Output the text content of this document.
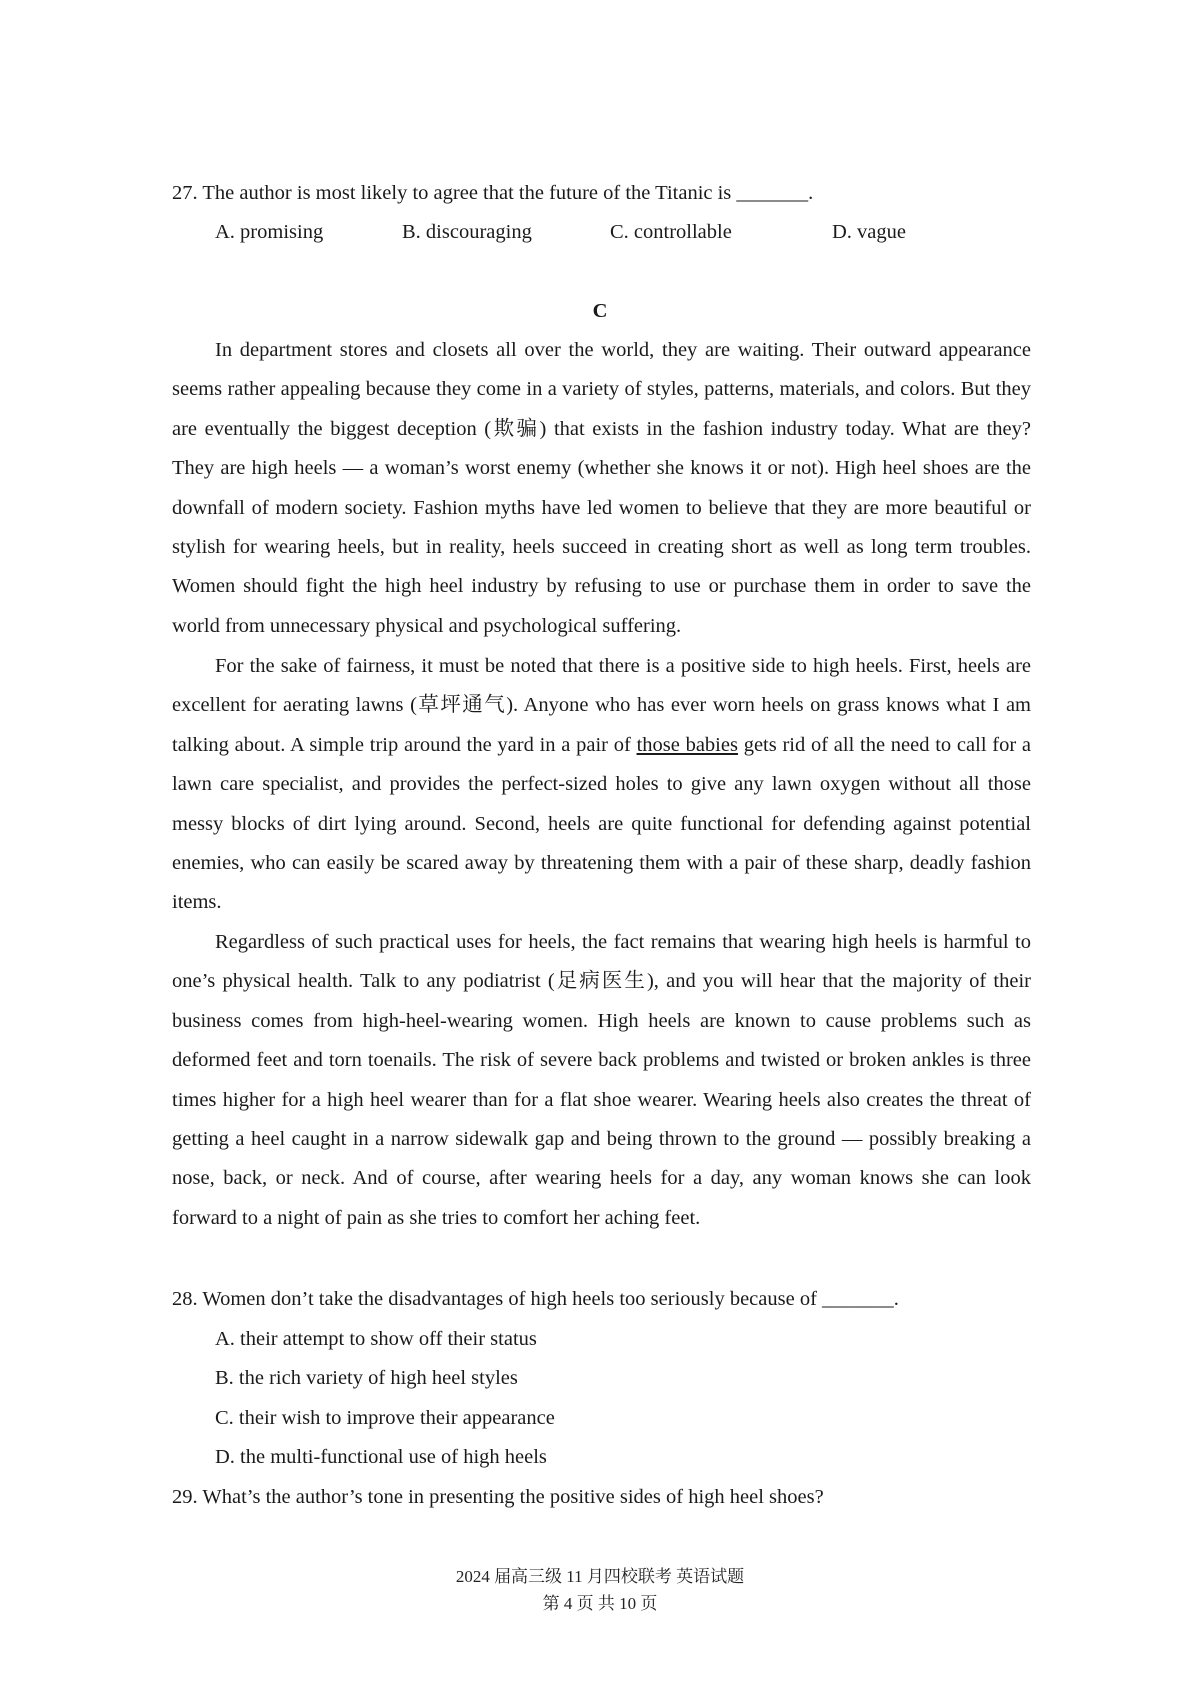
27. The author is most likely to agree that the future of the Titanic is _______.
A. promising	B. discouraging	C. controllable	D. vague
C

In department stores and closets all over the world, they are waiting. Their outward appearance seems rather appealing because they come in a variety of styles, patterns, materials, and colors. But they are eventually the biggest deception (欺骗) that exists in the fashion industry today. What are they? They are high heels — a woman’s worst enemy (whether she knows it or not). High heel shoes are the downfall of modern society. Fashion myths have led women to believe that they are more beautiful or stylish for wearing heels, but in reality, heels succeed in creating short as well as long term troubles. Women should fight the high heel industry by refusing to use or purchase them in order to save the world from unnecessary physical and psychological suffering.

For the sake of fairness, it must be noted that there is a positive side to high heels. First, heels are excellent for aerating lawns (草坪通气). Anyone who has ever worn heels on grass knows what I am talking about. A simple trip around the yard in a pair of those babies gets rid of all the need to call for a lawn care specialist, and provides the perfect-sized holes to give any lawn oxygen without all those messy blocks of dirt lying around. Second, heels are quite functional for defending against potential enemies, who can easily be scared away by threatening them with a pair of these sharp, deadly fashion items.

Regardless of such practical uses for heels, the fact remains that wearing high heels is harmful to one’s physical health. Talk to any podiatrist (足病医生), and you will hear that the majority of their business comes from high-heel-wearing women. High heels are known to cause problems such as deformed feet and torn toenails. The risk of severe back problems and twisted or broken ankles is three times higher for a high heel wearer than for a flat shoe wearer. Wearing heels also creates the threat of getting a heel caught in a narrow sidewalk gap and being thrown to the ground — possibly breaking a nose, back, or neck. And of course, after wearing heels for a day, any woman knows she can look forward to a night of pain as she tries to comfort her aching feet.

28. Women don’t take the disadvantages of high heels too seriously because of _______.
A. their attempt to show off their status
B. the rich variety of high heel styles
C. their wish to improve their appearance
D. the multi-functional use of high heels
29. What’s the author’s tone in presenting the positive sides of high heel shoes?
2024 届高三级 11 月四校联考 英语试题
第 4 页 共 10 页
